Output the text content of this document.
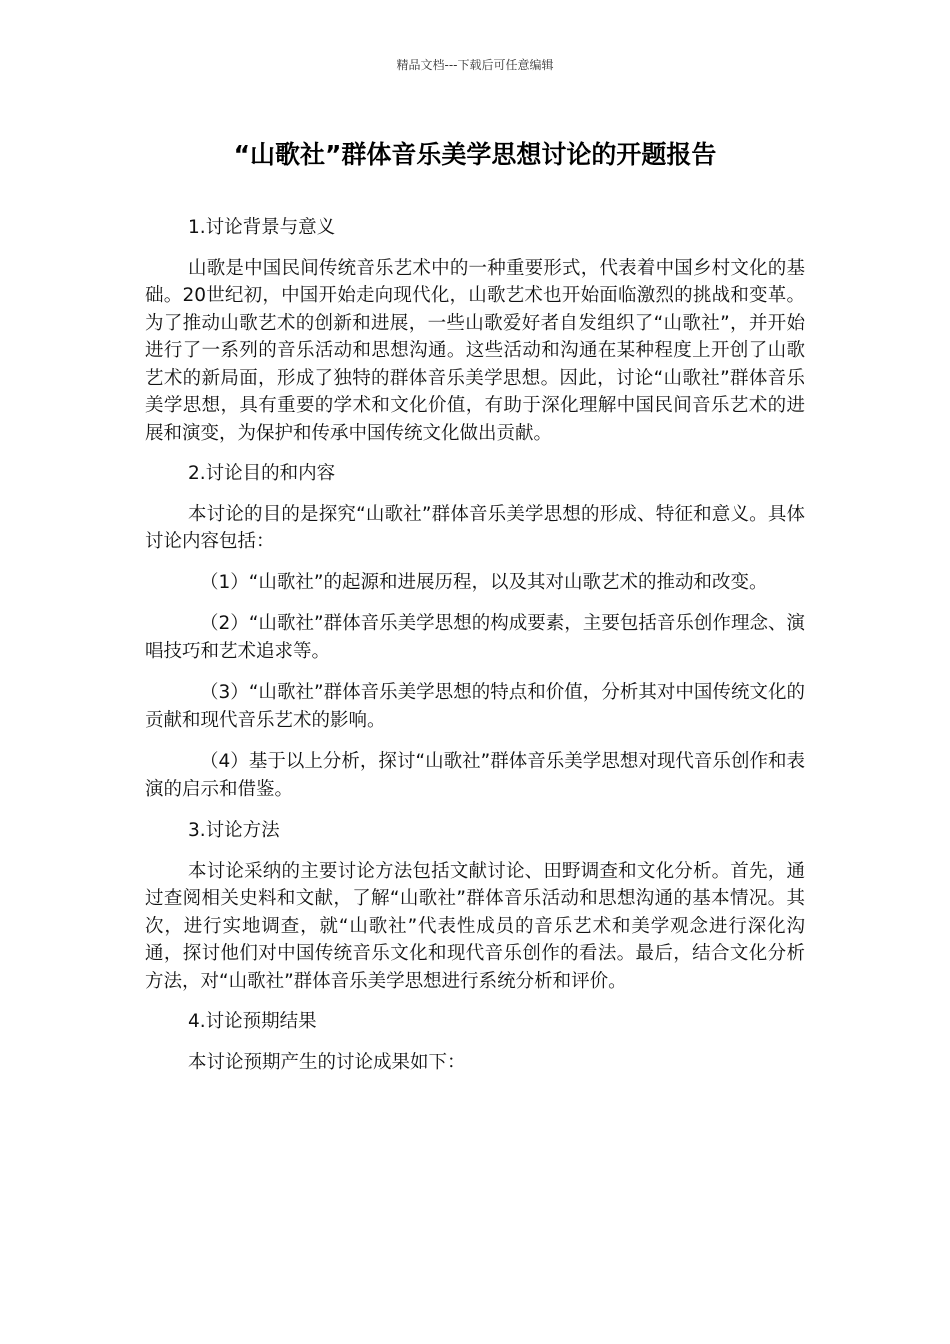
精品文档---下载后可任意编辑
“山歌社”群体音乐美学思想讨论的开题报告

1.讨论背景与意义

山歌是中国民间传统音乐艺术中的一种重要形式，代表着中国乡村文化的基础。20世纪初，中国开始走向现代化，山歌艺术也开始面临激烈的挑战和变革。为了推动山歌艺术的创新和进展，一些山歌爱好者自发组织了“山歌社”，并开始进行了一系列的音乐活动和思想沟通。这些活动和沟通在某种程度上开创了山歌艺术的新局面，形成了独特的群体音乐美学思想。因此，讨论“山歌社”群体音乐美学思想，具有重要的学术和文化价值，有助于深化理解中国民间音乐艺术的进展和演变，为保护和传承中国传统文化做出贡献。

2.讨论目的和内容

本讨论的目的是探究“山歌社”群体音乐美学思想的形成、特征和意义。具体讨论内容包括：

（1）“山歌社”的起源和进展历程，以及其对山歌艺术的推动和改变。

（2）“山歌社”群体音乐美学思想的构成要素，主要包括音乐创作理念、演唱技巧和艺术追求等。

（3）“山歌社”群体音乐美学思想的特点和价值，分析其对中国传统文化的贡献和现代音乐艺术的影响。

（4）基于以上分析，探讨“山歌社”群体音乐美学思想对现代音乐创作和表演的启示和借鉴。

3.讨论方法

本讨论采纳的主要讨论方法包括文献讨论、田野调查和文化分析。首先，通过查阅相关史料和文献，了解“山歌社”群体音乐活动和思想沟通的基本情况。其次，进行实地调查，就“山歌社”代表性成员的音乐艺术和美学观念进行深化沟通，探讨他们对中国传统音乐文化和现代音乐创作的看法。最后，结合文化分析方法，对“山歌社”群体音乐美学思想进行系统分析和评价。

4.讨论预期结果

本讨论预期产生的讨论成果如下：
